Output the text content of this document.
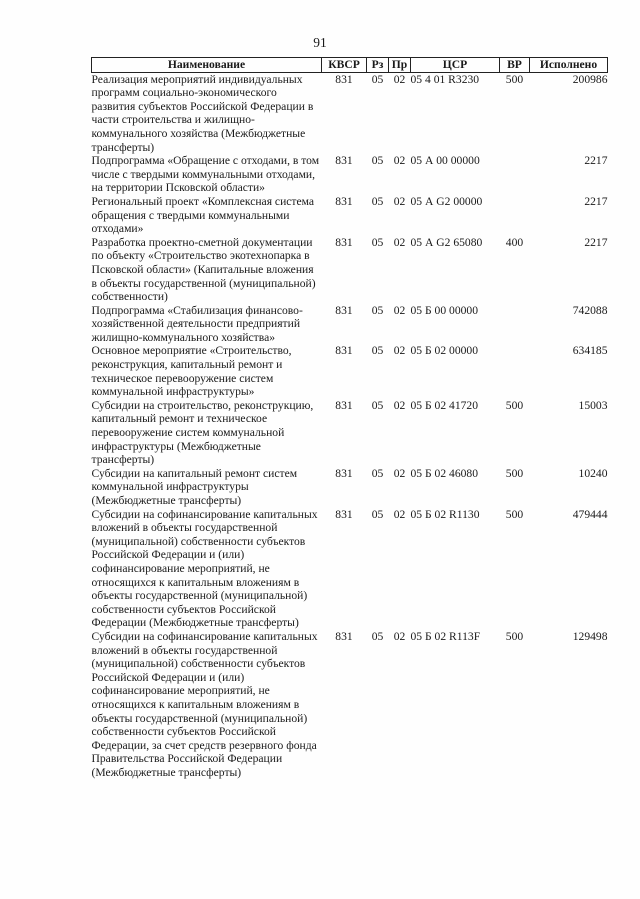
91
Наименование	КВСР	Рз	Пр	ЦСР	ВР	Исполнено
Реализация мероприятий индивидуальных программ социально-экономического развития субъектов Российской Федерации в части строительства и жилищно-коммунального хозяйства (Межбюджетные трансферты)	831	05	02	05 4 01 R3230	500	200986
Подпрограмма «Обращение с отходами, в том числе с твердыми коммунальными отходами, на территории Псковской области»	831	05	02	05 А 00 00000		2217
Региональный проект «Комплексная система обращения с твердыми коммунальными отходами»	831	05	02	05 А G2 00000		2217
Разработка проектно-сметной документации по объекту «Строительство экотехнопарка в Псковской области» (Капитальные вложения в объекты государственной (муниципальной) собственности)	831	05	02	05 А G2 65080	400	2217
Подпрограмма «Стабилизация финансово-хозяйственной деятельности предприятий жилищно-коммунального хозяйства»	831	05	02	05 Б 00 00000		742088
Основное мероприятие «Строительство, реконструкция, капитальный ремонт и техническое перевооружение систем коммунальной инфраструктуры»	831	05	02	05 Б 02 00000		634185
Субсидии на строительство, реконструкцию, капитальный ремонт и техническое перевооружение систем коммунальной инфраструктуры (Межбюджетные трансферты)	831	05	02	05 Б 02 41720	500	15003
Субсидии на капитальный ремонт систем коммунальной инфраструктуры (Межбюджетные трансферты)	831	05	02	05 Б 02 46080	500	10240
Субсидии на софинансирование капитальных вложений в объекты государственной (муниципальной) собственности субъектов Российской Федерации и (или) софинансирование мероприятий, не относящихся к капитальным вложениям в объекты государственной (муниципальной) собственности субъектов Российской Федерации (Межбюджетные трансферты)	831	05	02	05 Б 02 R1130	500	479444
Субсидии на софинансирование капитальных вложений в объекты государственной (муниципальной) собственности субъектов Российской Федерации и (или) софинансирование мероприятий, не относящихся к капитальным вложениям в объекты государственной (муниципальной) собственности субъектов Российской Федерации, за счет средств резервного фонда Правительства Российской Федерации (Межбюджетные трансферты)	831	05	02	05 Б 02 R113F	500	129498
